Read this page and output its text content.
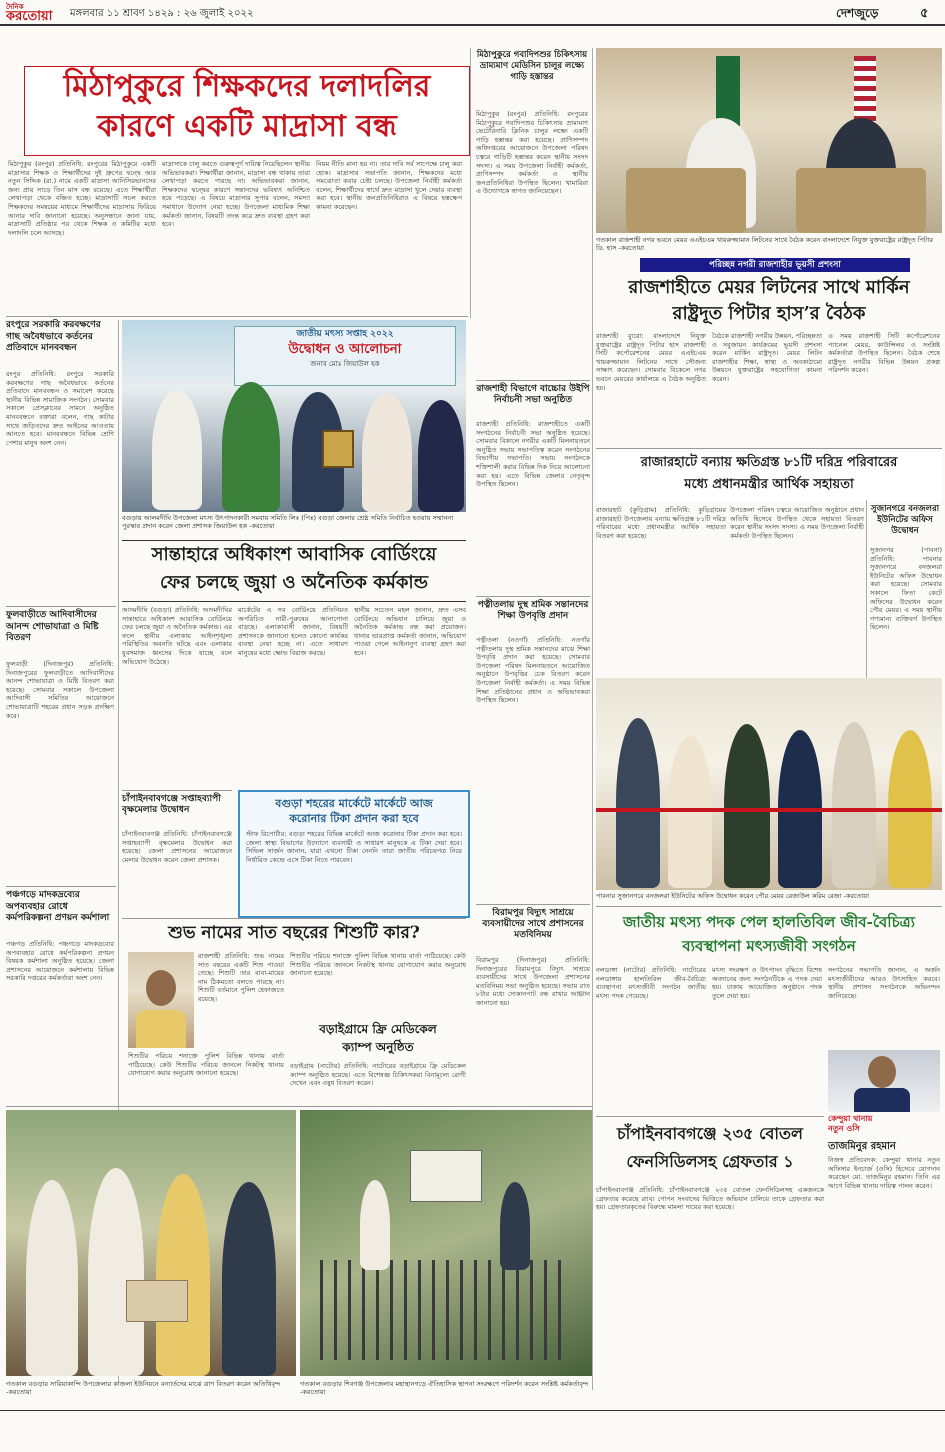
দৈনিক
করতোয়া মঙ্গলবার ১১ শ্রাবণ ১৪২৯ : ২৬ জুলাই ২০২২	দেশজুড়ে	৫
মিঠাপুকুরে শিক্ষকদের দলাদলির
কারণে একটি মাদ্রাসা বন্ধ
মিঠাপুকুর (রংপুর) প্রতিনিধি: রংপুরের মিঠাপুকুরে একটি মাদ্রাসার শিক্ষক ও শিক্ষার্থীদের দুই গ্রুপের দ্বন্দ্বে আর নতুন সিদ্দিক (রা.) নামে একটি মাদ্রাসা আনিসিরভানসের জন্য প্রায় সাড়ে তিন মাস বন্ধ রয়েছে। এতে শিক্ষার্থীরা লেখাপড়া থেকে বঞ্চিত হচ্ছে। মাদ্রাসাটি সচল করতে শিক্ষকদের সমন্বয়ের মাধ্যমে শিক্ষার্থীদের মাদ্রাসায় ফিরিয়ে আনার দাবি জানানো হয়েছে। অনুসন্ধানে জানা যায়, মাদ্রাসাটি প্রতিষ্ঠার পর থেকে শিক্ষক ও কমিটির মধ্যে দলাদলি চলে আসছে।
মাদ্রাসাকে চালু করতে গুরুত্বপূর্ণ দায়িত্ব নিয়েছিলেন স্থানীয় অভিভাবকরা। শিক্ষার্থীরা জানান, মাদ্রাসা বন্ধ থাকায় তারা লেখাপড়া করতে পারছে না। অভিভাবকরা জানান, শিক্ষকদের দ্বন্দ্বের কারণে সন্তানদের ভবিষ্যৎ অনিশ্চিত হয়ে পড়েছে। এ বিষয়ে মাদ্রাসার সুপার বলেন, সমস্যা সমাধানে উদ্যোগ নেয়া হচ্ছে। উপজেলা মাধ্যমিক শিক্ষা কর্মকর্তা জানান, বিষয়টি তদন্ত করে দ্রুত ব্যবস্থা গ্রহণ করা হবে।
নিয়ম নীতি মানা হয় না। তার দাবি সর্ব সাপেক্ষে চালু করা হোক। মাদ্রাসার সভাপতি জানান, শিক্ষকদের মধ্যে সমঝোতা করার চেষ্টা চলছে। উপজেলা নির্বাহী কর্মকর্তা বলেন, শিক্ষার্থীদের স্বার্থে দ্রুত মাদ্রাসা খুলে দেয়ার ব্যবস্থা করা হবে। স্থানীয় জনপ্রতিনিধিরাও এ বিষয়ে হস্তক্ষেপ কামনা করেছেন।
মিঠাপুকুরে গবাদিপশুর চিকিৎসায় ভ্রাম্যমাণ মেডিসিন চালুর লক্ষ্যে গাড়ি হস্তান্তর
মিঠাপুকুর (রংপুর) প্রতিনিধি: রংপুরের মিঠাপুকুরে গবাদিপশুর চিকিৎসায় ভ্রাম্যমাণ ভেটেরিনারি ক্লিনিক চালুর লক্ষ্যে একটি গাড়ি হস্তান্তর করা হয়েছে। প্রাণিসম্পদ অধিদপ্তরের আয়োজনে উপজেলা পরিষদ চত্বরে গাড়িটি হস্তান্তর করেন স্থানীয় সংসদ সদস্য। এ সময় উপজেলা নির্বাহী কর্মকর্তা, প্রাণিসম্পদ কর্মকর্তা ও স্থানীয় জনপ্রতিনিধিরা উপস্থিত ছিলেন। খামারিরা এ উদ্যোগকে স্বাগত জানিয়েছেন।
গতকাল রাজশাহী নগর ভবনে মেয়র এএইচএম খায়রুজ্জামান লিটনের সাথে বৈঠক করেন বাংলাদেশে নিযুক্ত যুক্তরাষ্ট্রের রাষ্ট্রদূত পিটার ডি. হাস -করতোয়া
পরিচ্ছন্ন নগরী রাজশাহীর ভূয়সী প্রশংসা
রাজশাহীতে মেয়র লিটনের সাথে মার্কিন
রাষ্ট্রদূত পিটার হাস’র বৈঠক
রাজশাহী ব্যুরো: বাংলাদেশে নিযুক্ত যুক্তরাষ্ট্রের রাষ্ট্রদূত পিটার হাস রাজশাহী সিটি কর্পোরেশনের মেয়র এএইচএম খায়রুজ্জামান লিটনের সাথে সৌজন্য সাক্ষাৎ করেছেন। সোমবার বিকেলে নগর ভবনে মেয়রের কার্যালয়ে এ বৈঠক অনুষ্ঠিত হয়।
বৈঠকে রাজশাহী নগরীর উন্নয়ন, পরিচ্ছন্নতা ও সবুজায়ন কার্যক্রমের ভূয়সী প্রশংসা করেন মার্কিন রাষ্ট্রদূত। মেয়র লিটন রাজশাহীর শিক্ষা, স্বাস্থ্য ও অবকাঠামো উন্নয়নে যুক্তরাষ্ট্রের সহযোগিতা কামনা করেন।
এ সময় রাজশাহী সিটি কর্পোরেশনের প্যানেল মেয়র, কাউন্সিলর ও সংশ্লিষ্ট কর্মকর্তারা উপস্থিত ছিলেন। বৈঠক শেষে রাষ্ট্রদূত নগরীর বিভিন্ন উন্নয়ন প্রকল্প পরিদর্শন করেন।
রাজশাহী বিভাগে বাচ্চোর উইপি নির্বাচনী সভা অনুষ্ঠিত
রাজশাহী প্রতিনিধি: রাজশাহীতে একটি সংগঠনের নির্বাচনী সভা অনুষ্ঠিত হয়েছে। সোমবার বিকালে নগরীর একটি মিলনায়তনে অনুষ্ঠিত সভায় সভাপতিত্ব করেন সংগঠনের বিভাগীয় সভাপতি। সভায় সংগঠনকে শক্তিশালী করার বিভিন্ন দিক নিয়ে আলোচনা করা হয়। এতে বিভিন্ন জেলার নেতৃবৃন্দ উপস্থিত ছিলেন।
রংপুরে সরকারি করবক্ষণের গাছ অবৈধভাবে কর্তনের প্রতিবাদে মানববন্ধন
রংপুর প্রতিনিধি: রংপুরে সরকারি করবক্ষণের গাছ অবৈধভাবে কর্তনের প্রতিবাদে মানববন্ধন ও সমাবেশ করেছে স্থানীয় বিভিন্ন সামাজিক সংগঠন। সোমবার সকালে প্রেসক্লাবের সামনে অনুষ্ঠিত মানববন্ধনে বক্তারা বলেন, গাছ কাটার সাথে জড়িতদের দ্রুত আইনের আওতায় আনতে হবে। মানববন্ধনে বিভিন্ন শ্রেণি পেশার মানুষ অংশ নেন।
জাতীয় মৎস্য সপ্তাহ ২০২২
উদ্বোধন ও আলোচনা
জনাব মোঃ জিয়াউল হক
বগুড়ায় আলমদীঘি উপজেলা মৎস্য উৎপাদনকারী সমবায় সমিতি লিঃ (পিঃ) বগুড়া জেলার শ্রেষ্ঠ সমিতি নির্বাচিত হওয়ায় সম্মাননা পুরস্কার প্রদান করেন জেলা প্রশাসক জিয়াউল হক -করতোয়া
সান্তাহারে অধিকাংশ আবাসিক বোর্ডিংয়ে
ফের চলছে জুয়া ও অনৈতিক কর্মকান্ড
আদমদীঘি (বগুড়া) প্রতিনিধি: আদমদীঘির সান্তাহারে অধিকাংশ আবাসিক বোর্ডিংয়ে ফের চলছে জুয়া ও অনৈতিক কর্মকান্ড। এর ফলে স্থানীয় এলাকায় আইনশৃঙ্খলা পরিস্থিতির অবনতি ঘটছে এবং এলাকার যুবসমাজ ধ্বংসের দিকে যাচ্ছে বলে অভিযোগ উঠেছে।
মার্কেটের এ সব বোর্ডিংয়ে প্রতিনিয়ত অপরিচিত নারী-পুরুষের আনাগোনা বাড়ছে। এলাকাবাসী জানান, বিষয়টি প্রশাসনকে জানানো হলেও কোনো কার্যকর ব্যবস্থা নেয়া হচ্ছে না। এতে সাধারণ মানুষের মধ্যে ক্ষোভ বিরাজ করছে।
স্থানীয় সচেতন মহল জানান, দ্রুত এসব বোর্ডিংয়ে অভিযান চালিয়ে জুয়া ও অনৈতিক কর্মকান্ড বন্ধ করা প্রয়োজন। থানার ভারপ্রাপ্ত কর্মকর্তা জানান, অভিযোগ পাওয়া গেলে আইনানুগ ব্যবস্থা গ্রহণ করা হবে।
রাজারহাটে বন্যায় ক্ষতিগ্রস্ত ৮১টি দরিদ্র পরিবারের
মধ্যে প্রধানমন্ত্রীর আর্থিক সহায়তা
রাজারহাট (কুড়িগ্রাম) প্রতিনিধি: কুড়িগ্রামের রাজারহাট উপজেলায় বন্যায় ক্ষতিগ্রস্ত ৮১টি দরিদ্র পরিবারের মধ্যে প্রধানমন্ত্রীর আর্থিক সহায়তা বিতরণ করা হয়েছে।
উপজেলা পরিষদ চত্বরে আয়োজিত অনুষ্ঠানে প্রধান অতিথি হিসেবে উপস্থিত থেকে সহায়তা বিতরণ করেন স্থানীয় সংসদ সদস্য। এ সময় উপজেলা নির্বাহী কর্মকর্তা উপস্থিত ছিলেন।
সুজানগরে বনজলরা ইউনিটের অফিস উদ্বোধন
সুজানগর (পাবনা) প্রতিনিধি: পাবনার সুজানগরে বনজলরা ইউনিটের অফিস উদ্বোধন করা হয়েছে। সোমবার সকালে ফিতা কেটে অফিসের উদ্বোধন করেন পৌর মেয়র। এ সময় স্থানীয় গণ্যমান্য ব্যক্তিবর্গ উপস্থিত ছিলেন।
পত্নীতলায় দুস্থ শ্রমিক সন্তানদের শিক্ষা উপবৃত্তি প্রদান
পত্নীতলা (নওগাঁ) প্রতিনিধি: নওগাঁর পত্নীতলায় দুস্থ শ্রমিক সন্তানদের মাঝে শিক্ষা উপবৃত্তি প্রদান করা হয়েছে। সোমবার উপজেলা পরিষদ মিলনায়তনে আয়োজিত অনুষ্ঠানে উপবৃত্তির চেক বিতরণ করেন উপজেলা নির্বাহী কর্মকর্তা। এ সময় বিভিন্ন শিক্ষা প্রতিষ্ঠানের প্রধান ও অভিভাবকরা উপস্থিত ছিলেন।
ফুলবাড়ীতে আদিবাসীদের আনন্দ শোভাযাত্রা ও মিষ্টি বিতরণ
ফুলবাড়ী (দিনাজপুর) প্রতিনিধি: দিনাজপুরের ফুলবাড়ীতে আদিবাসীদের আনন্দ শোভাযাত্রা ও মিষ্টি বিতরণ করা হয়েছে। সোমবার সকালে উপজেলা আদিবাসী সমিতির আয়োজনে শোভাযাত্রাটি শহরের প্রধান সড়ক প্রদক্ষিণ করে।
চাঁপাইনবাবগঞ্জে সপ্তাহব্যাপী বৃক্ষমেলার উদ্বোধন
চাঁপাইনবাবগঞ্জ প্রতিনিধি: চাঁপাইনবাবগঞ্জে সপ্তাহব্যাপী বৃক্ষমেলার উদ্বোধন করা হয়েছে। জেলা প্রশাসনের আয়োজনে মেলার উদ্বোধন করেন জেলা প্রশাসক।
বগুড়া শহরের মার্কেটে মার্কেটে আজ
করোনার টিকা প্রদান করা হবে
স্টাফ রিপোর্টার: বগুড়া শহরের বিভিন্ন মার্কেটে আজ করোনার টিকা প্রদান করা হবে। জেলা স্বাস্থ্য বিভাগের উদ্যোগে ব্যবসায়ী ও সাধারণ মানুষকে এ টিকা দেয়া হবে। সিভিল সার্জন জানান, যারা এখনো টিকা নেননি তারা জাতীয় পরিচয়পত্র নিয়ে নির্ধারিত কেন্দ্রে এসে টিকা নিতে পারবেন।
পাবনার সুজানগরে বনজলরা ইউনিটের অফিস উদ্বোধন করেন পৌর মেয়র রেজাউল করিম রেজা -করতোয়া
শুভ নামের সাত বছরের শিশুটি কার?
রাজশাহী প্রতিনিধি: শুভ নামের সাত বছরের একটি শিশু পাওয়া গেছে। শিশুটি তার বাবা-মায়ের নাম ঠিকমতো বলতে পারছে না। শিশুটি বর্তমানে পুলিশ হেফাজতে রয়েছে।
শিশুটির পরিচয় শনাক্তে পুলিশ বিভিন্ন থানায় বার্তা পাঠিয়েছে। কেউ শিশুটির পরিচয় জানলে নিকটস্থ থানায় যোগাযোগ করার অনুরোধ জানানো হয়েছে।
বড়াইগ্রামে ফ্রি মেডিকেল
ক্যাম্প অনুষ্ঠিত
বড়াইগ্রাম (নাটোর) প্রতিনিধি: নাটোরের বড়াইগ্রামে ফ্রি মেডিকেল ক্যাম্প অনুষ্ঠিত হয়েছে। এতে বিশেষজ্ঞ চিকিৎসকরা বিনামূল্যে রোগী দেখেন এবং ওষুধ বিতরণ করেন।
শিশুটির পরিচয় শনাক্তে পুলিশ বিভিন্ন থানায় বার্তা পাঠিয়েছে। কেউ শিশুটির পরিচয় জানলে নিকটস্থ থানায় যোগাযোগ করার অনুরোধ জানানো হয়েছে।
বিরামপুর বিদ্যুৎ সাশ্রয়ে ব্যবসায়ীদের সাথে প্রশাসনের মতবিনিময়
বিরামপুর (দিনাজপুর) প্রতিনিধি: দিনাজপুরের বিরামপুরে বিদ্যুৎ সাশ্রয়ে ব্যবসায়ীদের সাথে উপজেলা প্রশাসনের মতবিনিময় সভা অনুষ্ঠিত হয়েছে। সভায় রাত ৮টার মধ্যে দোকানপাট বন্ধ রাখার আহ্বান জানানো হয়।
পঞ্চগড়ে মাদকদ্রব্যের অপব্যবহার রোধে কর্মপরিকল্পনা প্রণয়ন কর্মশালা
পঞ্চগড় প্রতিনিধি: পঞ্চগড়ে মাদকদ্রব্যের অপব্যবহার রোধে কর্মপরিকল্পনা প্রণয়ন বিষয়ক কর্মশালা অনুষ্ঠিত হয়েছে। জেলা প্রশাসনের আয়োজনে কর্মশালায় বিভিন্ন সরকারি দপ্তরের কর্মকর্তারা অংশ নেন।
জাতীয় মৎস্য পদক পেল হালতিবিল জীব-বৈচিত্র্য
ব্যবস্থাপনা মৎস্যজীবী সংগঠন
নলডাঙ্গা (নাটোর) প্রতিনিধি: নাটোরের নলডাঙ্গায় হালতিবিল জীব-বৈচিত্র্য ব্যবস্থাপনা মৎস্যজীবী সংগঠন জাতীয় মৎস্য পদক পেয়েছে।
মৎস্য সংরক্ষণ ও উৎপাদন বৃদ্ধিতে বিশেষ অবদানের জন্য সংগঠনটিকে এ পদক দেয়া হয়। ঢাকায় আয়োজিত অনুষ্ঠানে পদক তুলে দেয়া হয়।
সংগঠনের সভাপতি জানান, এ অর্জন মৎস্যজীবীদের আরও উৎসাহিত করবে। স্থানীয় প্রশাসন সংগঠনকে অভিনন্দন জানিয়েছে।
কেন্দুয়া থানায়
নতুন ওসি
তাজমিনুর রহমান
নিজস্ব প্রতিবেদক: কেন্দুয়া থানার নতুন অফিসার ইনচার্জ (ওসি) হিসেবে যোগদান করেছেন মো. তাজমিনুর রহমান। তিনি এর আগে বিভিন্ন থানায় দায়িত্ব পালন করেন।
চাঁপাইনবাবগঞ্জে ২৩৫ বোতল
ফেনসিডিলসহ গ্রেফতার ১
চাঁপাইনবাবগঞ্জ প্রতিনিধি: চাঁপাইনবাবগঞ্জে ২৩৫ বোতল ফেনসিডিলসহ একজনকে গ্রেফতার করেছে র‌্যাব। গোপন সংবাদের ভিত্তিতে অভিযান চালিয়ে তাকে গ্রেফতার করা হয়। গ্রেফতারকৃতের বিরুদ্ধে মামলা দায়ের করা হয়েছে।
গতকাল বগুড়ার সারিয়াকান্দি উপজেলার কাজলা ইউনিয়নে বন্যার্তদের মাঝে ত্রাণ বিতরণ করেন অতিথিবৃন্দ -করতোয়া
গতকাল বগুড়ার শিবগঞ্জ উপজেলার মহাস্থানগড়ে ঐতিহাসিক স্থাপনা সংরক্ষণে পরিদর্শন করেন সংশ্লিষ্ট কর্মকর্তাবৃন্দ -করতোয়া
